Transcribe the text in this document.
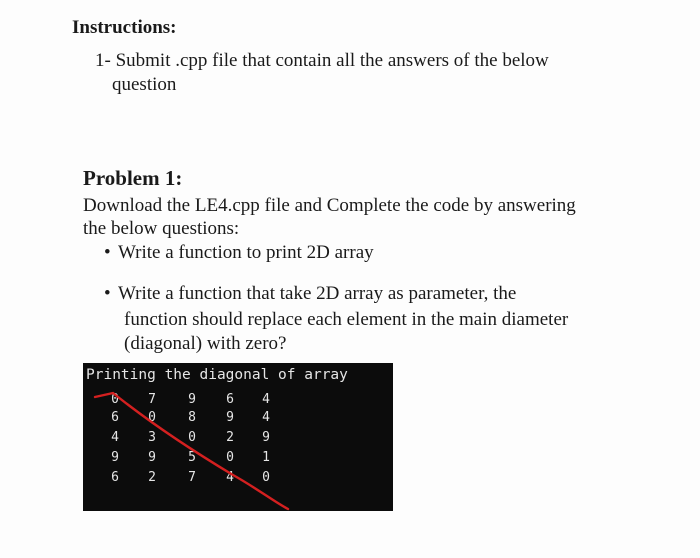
Instructions:
1- Submit .cpp file that contain all the answers of the below
question
Problem 1:
Download the LE4.cpp file and Complete the code by answering
the below questions:
• Write a function to print 2D array
• Write a function that take 2D array as parameter, the
function should replace each element in the main diameter
(diagonal) with zero?
Printing the diagonal of array
0	7	9	6	4
6	0	8	9	4
4	3	0	2	9
9	9	5	0	1
6	2	7	4	0
